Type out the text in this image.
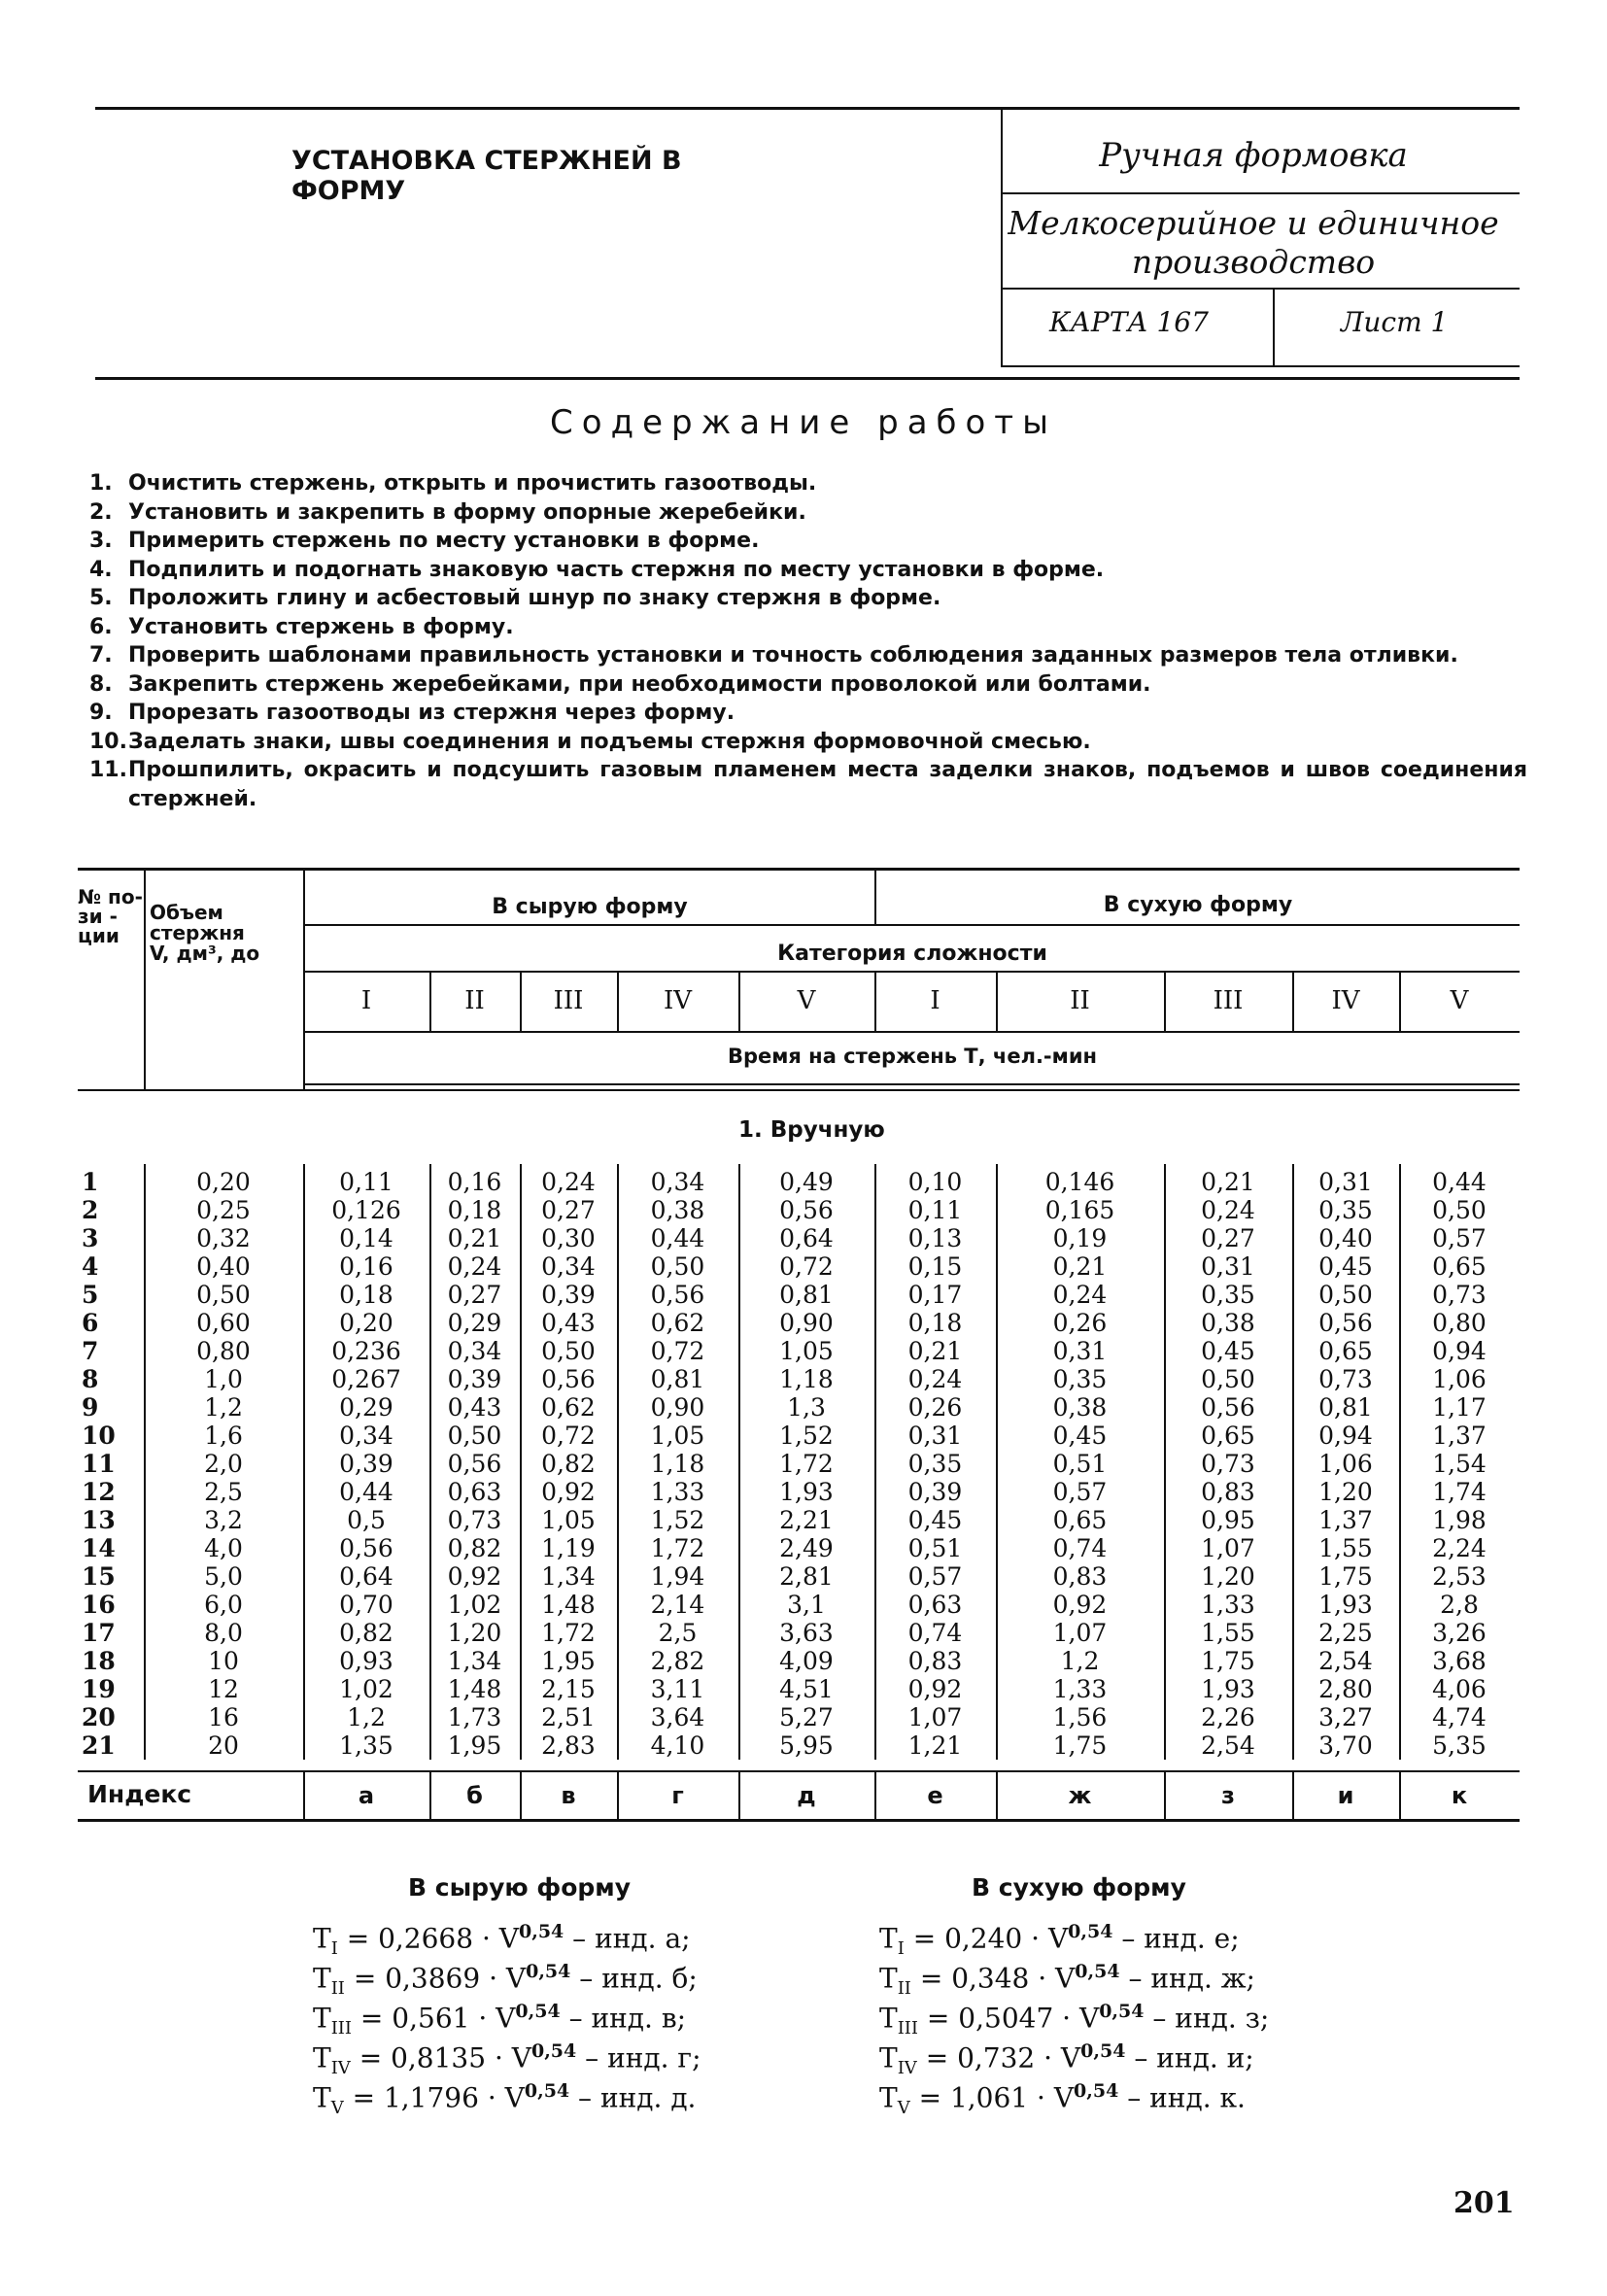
УСТАНОВКА СТЕРЖНЕЙ В ФОРМУ
Ручная формовка
Мелкосерийное и единичное
производство
КАРТА 167	Лист 1
Содержание работы
1. Очистить стержень, открыть и прочистить газоотводы.
2. Установить и закрепить в форму опорные жеребейки.
3. Примерить стержень по месту установки в форме.
4. Подпилить и подогнать знаковую часть стержня по месту установки в форме.
5. Проложить глину и асбестовый шнур по знаку стержня в форме.
6. Установить стержень в форму.
7. Проверить шаблонами правильность установки и точность соблюдения заданных размеров тела отливки.
8. Закрепить стержень жеребейками, при необходимости проволокой или болтами.
9. Прорезать газоотводы из стержня через форму.
10. Заделать знаки, швы соединения и подъемы стержня формовочной смесью.
11. Прошпилить, окрасить и подсушить газовым пламенем места заделки знаков, подъемов и швов соединения стержней.
№ по-
зи -
ции
Объем
стержня
V, дм³, до
В сырую форму	В сухую форму
Категория сложности
I	II	III	IV	V	I	II	III	IV	V
Время на стержень Т, чел.-мин
1. Вручную
1	0,20	0,11	0,16	0,24	0,34	0,49	0,10	0,146	0,21	0,31	0,44
2	0,25	0,126	0,18	0,27	0,38	0,56	0,11	0,165	0,24	0,35	0,50
3	0,32	0,14	0,21	0,30	0,44	0,64	0,13	0,19	0,27	0,40	0,57
4	0,40	0,16	0,24	0,34	0,50	0,72	0,15	0,21	0,31	0,45	0,65
5	0,50	0,18	0,27	0,39	0,56	0,81	0,17	0,24	0,35	0,50	0,73
6	0,60	0,20	0,29	0,43	0,62	0,90	0,18	0,26	0,38	0,56	0,80
7	0,80	0,236	0,34	0,50	0,72	1,05	0,21	0,31	0,45	0,65	0,94
8	1,0	0,267	0,39	0,56	0,81	1,18	0,24	0,35	0,50	0,73	1,06
9	1,2	0,29	0,43	0,62	0,90	1,3	0,26	0,38	0,56	0,81	1,17
10	1,6	0,34	0,50	0,72	1,05	1,52	0,31	0,45	0,65	0,94	1,37
11	2,0	0,39	0,56	0,82	1,18	1,72	0,35	0,51	0,73	1,06	1,54
12	2,5	0,44	0,63	0,92	1,33	1,93	0,39	0,57	0,83	1,20	1,74
13	3,2	0,5	0,73	1,05	1,52	2,21	0,45	0,65	0,95	1,37	1,98
14	4,0	0,56	0,82	1,19	1,72	2,49	0,51	0,74	1,07	1,55	2,24
15	5,0	0,64	0,92	1,34	1,94	2,81	0,57	0,83	1,20	1,75	2,53
16	6,0	0,70	1,02	1,48	2,14	3,1	0,63	0,92	1,33	1,93	2,8
17	8,0	0,82	1,20	1,72	2,5	3,63	0,74	1,07	1,55	2,25	3,26
18	10	0,93	1,34	1,95	2,82	4,09	0,83	1,2	1,75	2,54	3,68
19	12	1,02	1,48	2,15	3,11	4,51	0,92	1,33	1,93	2,80	4,06
20	16	1,2	1,73	2,51	3,64	5,27	1,07	1,56	2,26	3,27	4,74
21	20	1,35	1,95	2,83	4,10	5,95	1,21	1,75	2,54	3,70	5,35
Индекс	а	б	в	г	д	е	ж	з	и	к
В сырую форму	В сухую форму
$T_I = 0,2668 \cdot V^{0,54}$ – инд. а;
$T_{II} = 0,3869 \cdot V^{0,54}$ – инд. б;
$T_{III} = 0,561 \cdot V^{0,54}$ – инд. в;
$T_{IV} = 0,8135 \cdot V^{0,54}$ – инд. г;
$T_V = 1,1796 \cdot V^{0,54}$ – инд. д.
$T_I = 0,240 \cdot V^{0,54}$ – инд. е;
$T_{II} = 0,348 \cdot V^{0,54}$ – инд. ж;
$T_{III} = 0,5047 \cdot V^{0,54}$ – инд. з;
$T_{IV} = 0,732 \cdot V^{0,54}$ – инд. и;
$T_V = 1,061 \cdot V^{0,54}$ – инд. к.
201
